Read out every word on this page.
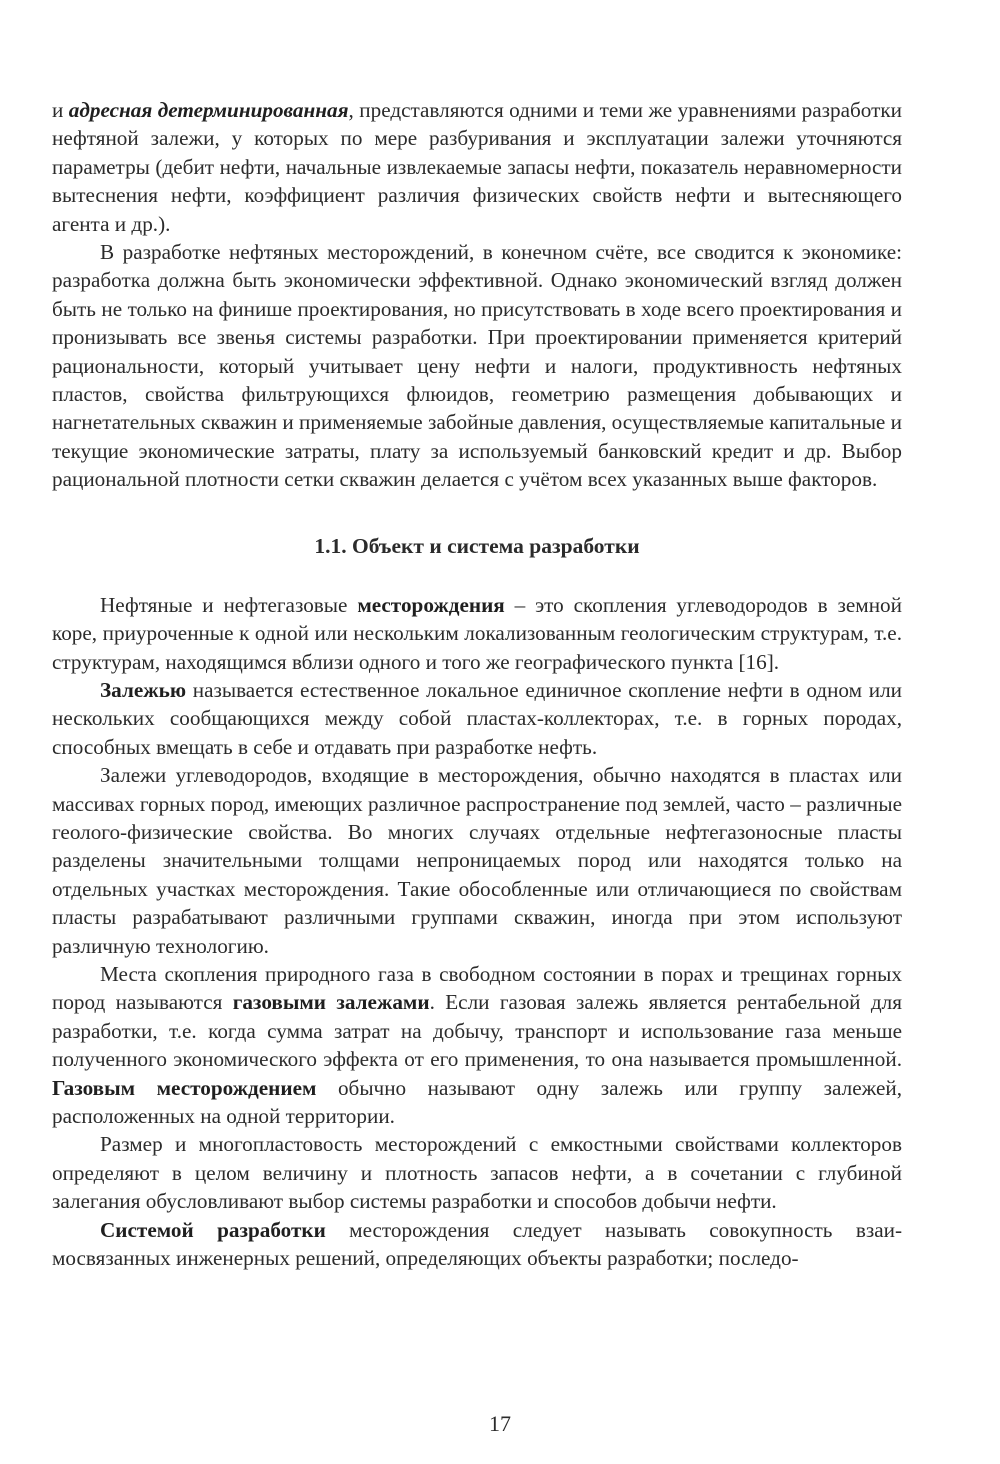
и адресная детерминированная, представляются одними и теми же уравнениями разработки нефтяной залежи, у которых по мере разбуривания и эксплуатации залежи уточняются параметры (дебит нефти, начальные извлекаемые запасы нефти, показатель неравномерности вытеснения нефти, коэффициент различия физических свойств нефти и вытесняющего агента и др.).

В разработке нефтяных месторождений, в конечном счёте, все сводится к экономике: разработка должна быть экономически эффективной. Однако экономический взгляд должен быть не только на финише проектирования, но присутствовать в ходе всего проектирования и пронизывать все звенья системы разработки. При проектировании применяется критерий рациональности, который учитывает цену нефти и налоги, продуктивность нефтяных пластов, свойства фильтрующихся флюидов, геометрию размещения добывающих и нагнетательных скважин и применяемые забойные давления, осуществляемые капитальные и текущие экономические затраты, плату за используемый банковский кредит и др. Выбор рациональной плотности сетки скважин делается с учётом всех указанных выше факторов.

1.1. Объект и система разработки

Нефтяные и нефтегазовые месторождения – это скопления углеводородов в земной коре, приуроченные к одной или нескольким локализованным геологическим структурам, т.е. структурам, находящимся вблизи одного и того же географического пункта [16].

Залежью называется естественное локальное единичное скопление нефти в одном или нескольких сообщающихся между собой пластах-коллекторах, т.е. в горных породах, способных вмещать в себе и отдавать при разработке нефть.

Залежи углеводородов, входящие в месторождения, обычно находятся в пластах или массивах горных пород, имеющих различное распространение под землей, часто – различные геолого-физические свойства. Во многих случаях отдельные нефтегазоносные пласты разделены значительными толщами непроницаемых пород или находятся только на отдельных участках месторождения. Такие обособленные или отличающиеся по свойствам пласты разрабатывают различными группами скважин, иногда при этом используют различную технологию.

Места скопления природного газа в свободном состоянии в порах и трещинах горных пород называются газовыми залежами. Если газовая залежь является рентабельной для разработки, т.е. когда сумма затрат на добычу, транспорт и использование газа меньше полученного экономического эффекта от его применения, то она называется промышленной. Газовым месторождением обычно называют одну залежь или группу залежей, расположенных на одной территории.

Размер и многопластовость месторождений с емкостными свойствами коллекторов определяют в целом величину и плотность запасов нефти, а в сочетании с глубиной залегания обусловливают выбор системы разработки и способов добычи нефти.

Системой разработки месторождения следует называть совокупность взаимосвязанных инженерных решений, определяющих объекты разработки; последо-

17
